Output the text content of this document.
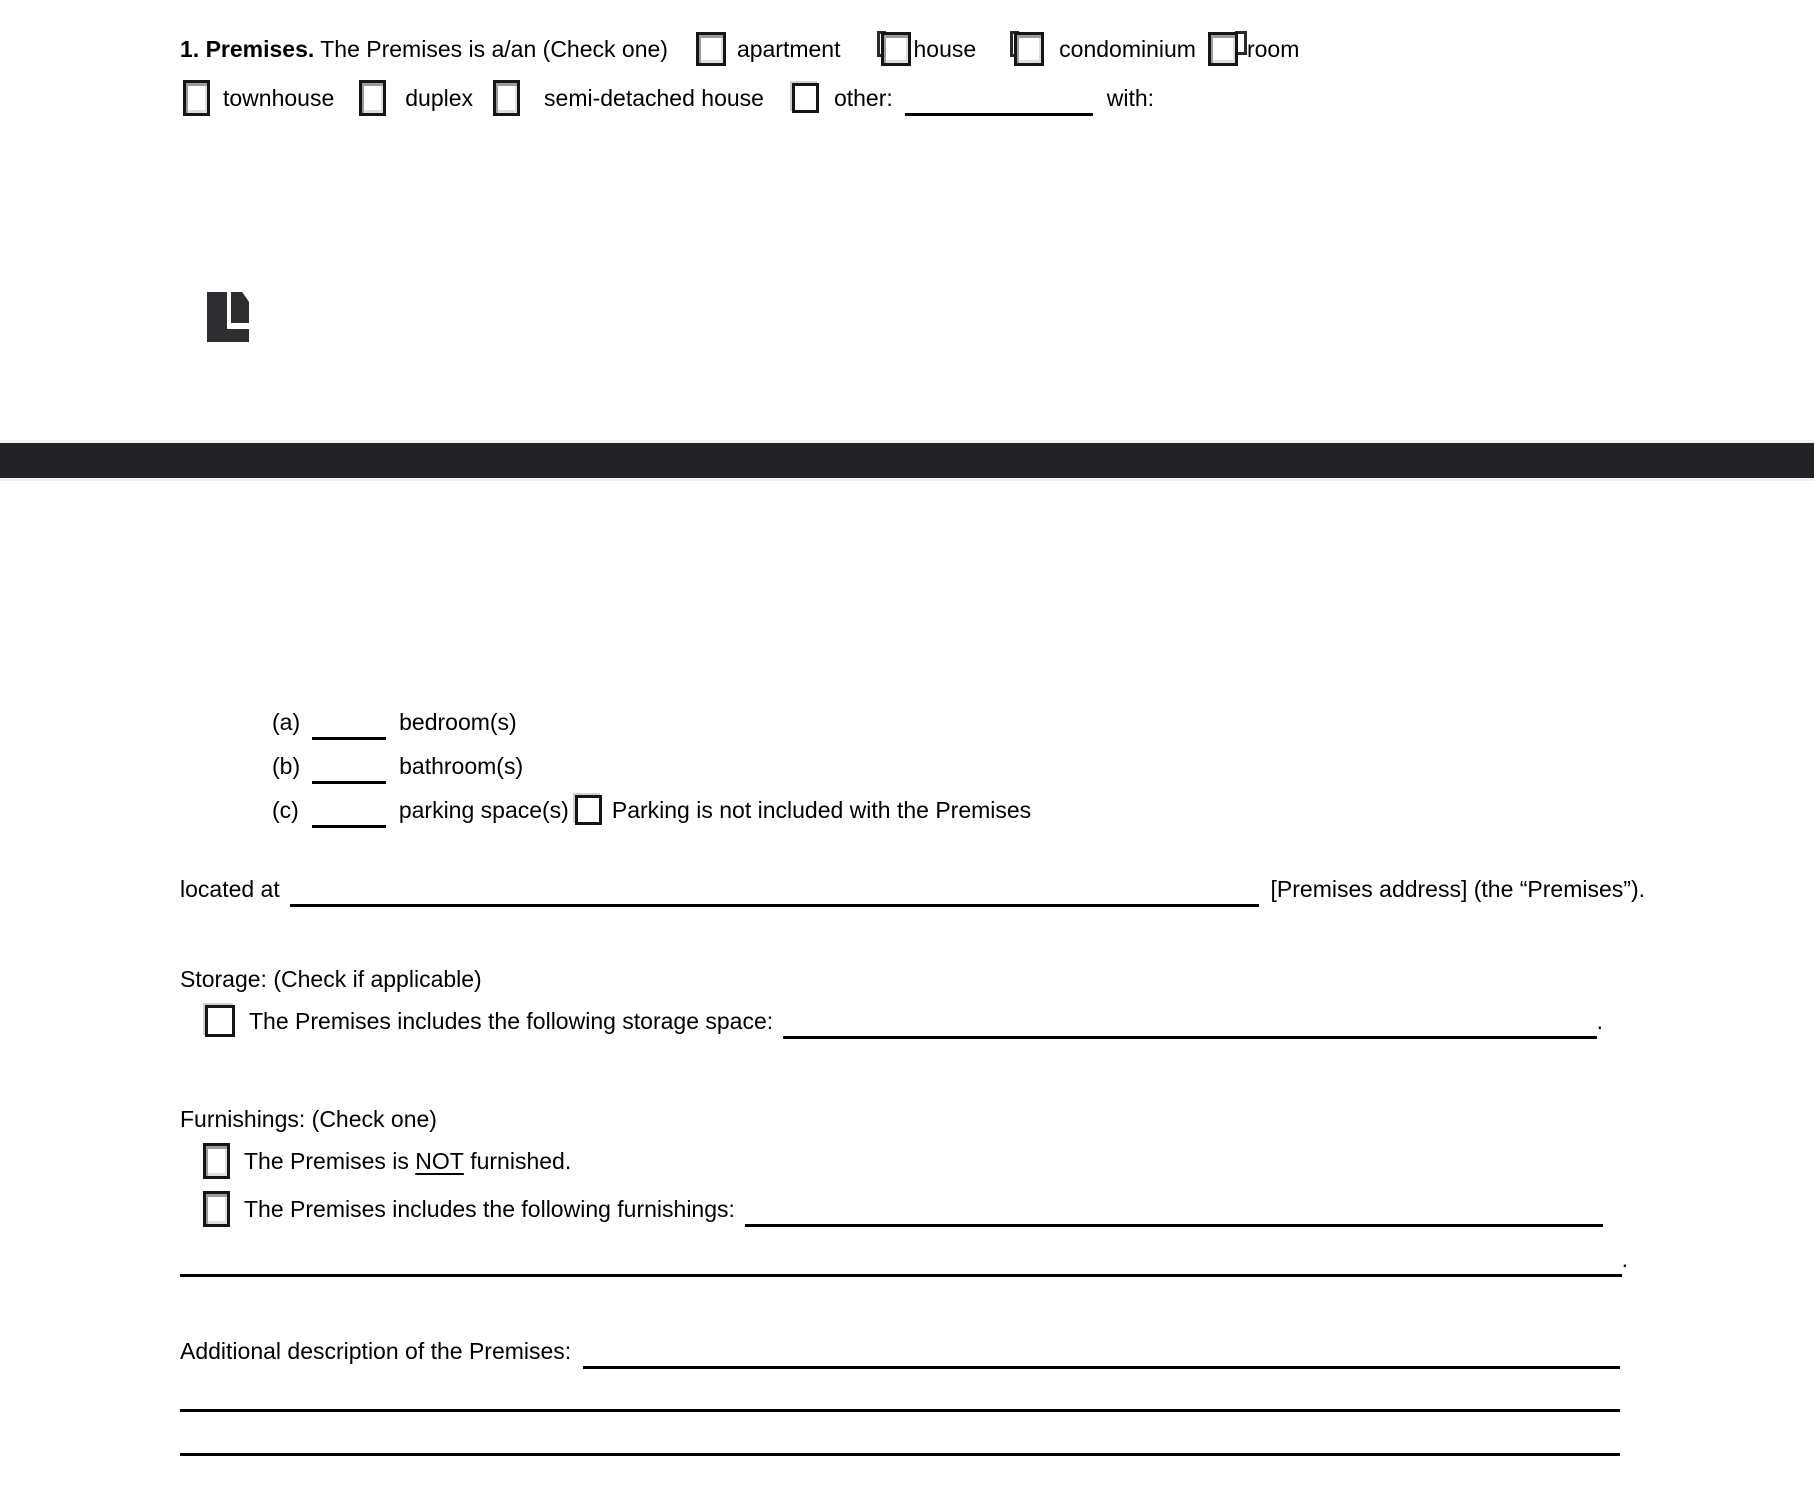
1. Premises. The Premises is a/an (Check one)	apartment	house	condominium room
townhouse	duplex	semi-detached house	other:	with:
(a)	bedroom(s)
(b)	bathroom(s)
(c)	parking space(s) Parking is not included with the Premises
located at	[Premises address] (the “Premises”).
Storage: (Check if applicable)
The Premises includes the following storage space:	.
Furnishings: (Check one)
The Premises is NOT furnished.
The Premises includes the following furnishings:
.
Additional description of the Premises:
